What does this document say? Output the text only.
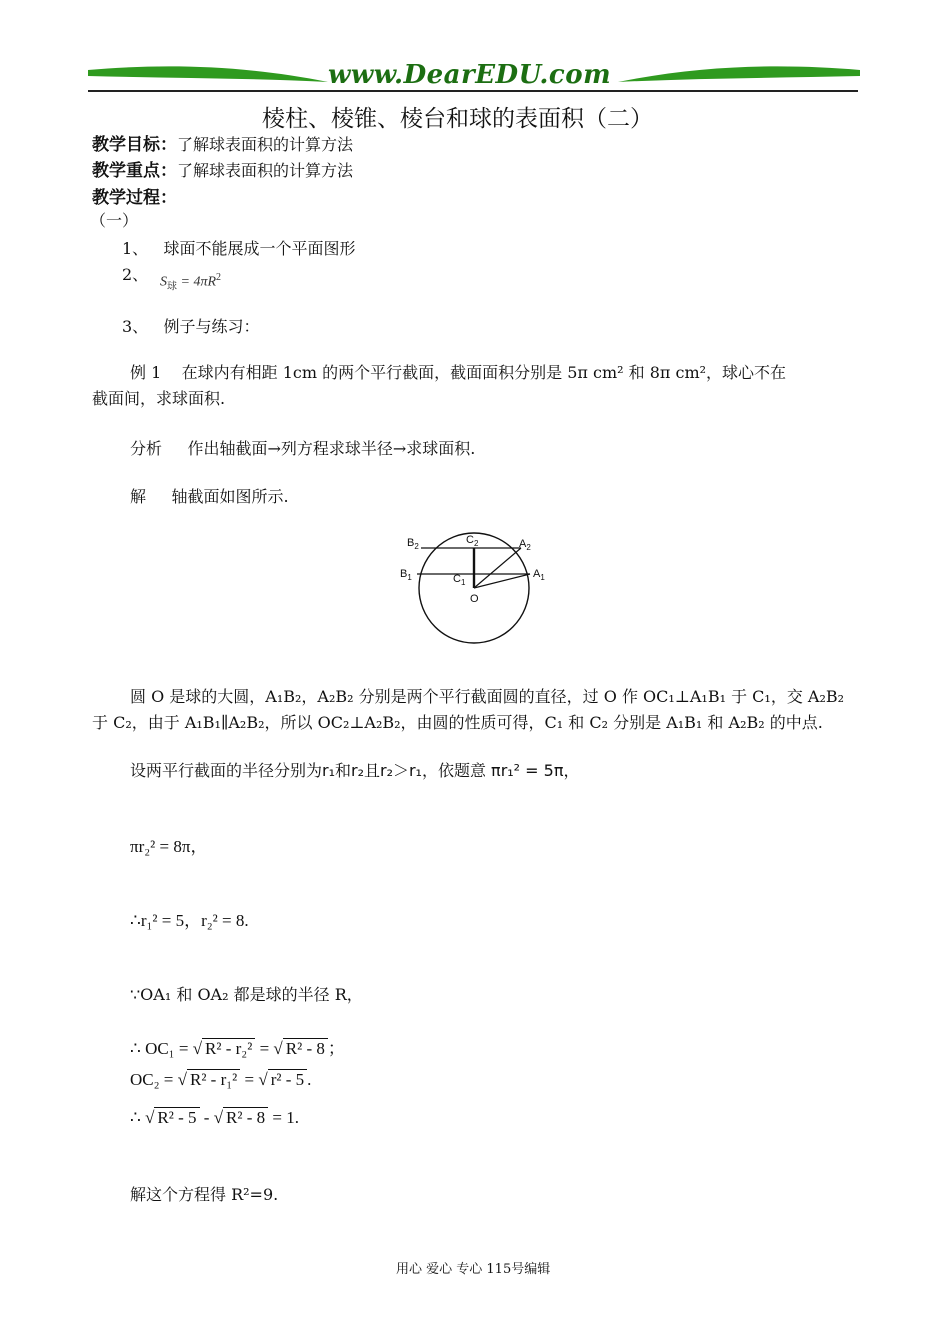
www.DearEDU.com
棱柱、棱锥、棱台和球的表面积（二）
教学目标：了解球表面积的计算方法
教学重点：了解球表面积的计算方法
教学过程：
（一）
1、 球面不能展成一个平面图形
2、 $S_球 = 4\pi R^2$
3、 例子与练习：
例 1 在球内有相距 1cm 的两个平行截面，截面面积分别是 5π cm² 和 8π cm²，球心不在
截面间，求球面积.
分析 作出轴截面→列方程求球半径→求球面积.
解 轴截面如图所示.
$B_2$
$C_2$	$A_2$
$B_1$	$C_1$
$A_1$
O
圆 O 是球的大圆，A₁B₂，A₂B₂ 分别是两个平行截面圆的直径，过 O 作 OC₁⊥A₁B₁ 于 C₁，交 A₂B₂
于 C₂，由于 A₁B₁∥A₂B₂，所以 OC₂⊥A₂B₂，由圆的性质可得，C₁ 和 C₂ 分别是 A₁B₁ 和 A₂B₂ 的中点.
设两平行截面的半径分别为r₁和r₂且r₂＞r₁，依题意 πr₁² = 5π，
πr₂² = 8π，
∴r₁² = 5，r₂² = 8.
∵OA₁ 和 OA₂ 都是球的半径 R，
∴ OC₁ = √ R² - r₂² = √ R² - 8 ；
OC₂ = √ R² - r₁² = √ r² - 5 .
∴ √ R² - 5 - √ R² - 8 = 1.
解这个方程得 R²=9.
用心 爱心 专心 115号编辑
